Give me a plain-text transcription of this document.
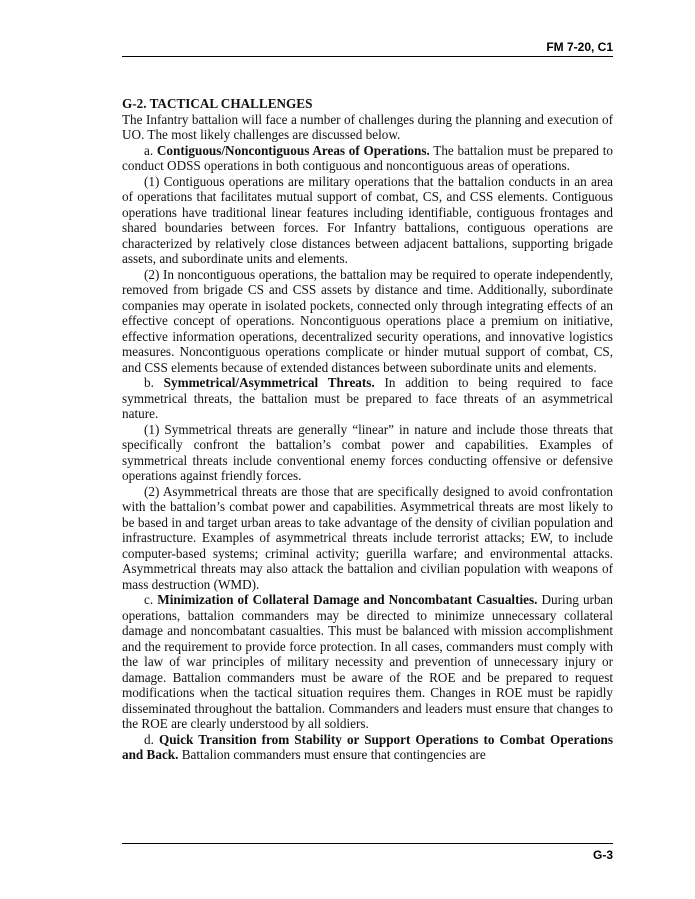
FM 7-20, C1

G-2. TACTICAL CHALLENGES

The Infantry battalion will face a number of challenges during the planning and execution of UO. The most likely challenges are discussed below.

a. Contiguous/Noncontiguous Areas of Operations. The battalion must be prepared to conduct ODSS operations in both contiguous and noncontiguous areas of operations.

(1) Contiguous operations are military operations that the battalion conducts in an area of operations that facilitates mutual support of combat, CS, and CSS elements. Contiguous operations have traditional linear features including identifiable, contiguous frontages and shared boundaries between forces. For Infantry battalions, contiguous operations are characterized by relatively close distances between adjacent battalions, supporting brigade assets, and subordinate units and elements.

(2) In noncontiguous operations, the battalion may be required to operate independently, removed from brigade CS and CSS assets by distance and time. Additionally, subordinate companies may operate in isolated pockets, connected only through integrating effects of an effective concept of operations. Noncontiguous operations place a premium on initiative, effective information operations, decentralized security operations, and innovative logistics measures. Noncontiguous operations complicate or hinder mutual support of combat, CS, and CSS elements because of extended distances between subordinate units and elements.

b. Symmetrical/Asymmetrical Threats. In addition to being required to face symmetrical threats, the battalion must be prepared to face threats of an asymmetrical nature.

(1) Symmetrical threats are generally “linear” in nature and include those threats that specifically confront the battalion’s combat power and capabilities. Examples of symmetrical threats include conventional enemy forces conducting offensive or defensive operations against friendly forces.

(2) Asymmetrical threats are those that are specifically designed to avoid confrontation with the battalion’s combat power and capabilities. Asymmetrical threats are most likely to be based in and target urban areas to take advantage of the density of civilian population and infrastructure. Examples of asymmetrical threats include terrorist attacks; EW, to include computer-based systems; criminal activity; guerilla warfare; and environmental attacks. Asymmetrical threats may also attack the battalion and civilian population with weapons of mass destruction (WMD).

c. Minimization of Collateral Damage and Noncombatant Casualties. During urban operations, battalion commanders may be directed to minimize unnecessary collateral damage and noncombatant casualties. This must be balanced with mission accomplishment and the requirement to provide force protection. In all cases, commanders must comply with the law of war principles of military necessity and prevention of unnecessary injury or damage. Battalion commanders must be aware of the ROE and be prepared to request modifications when the tactical situation requires them. Changes in ROE must be rapidly disseminated throughout the battalion. Commanders and leaders must ensure that changes to the ROE are clearly understood by all soldiers.

d. Quick Transition from Stability or Support Operations to Combat Operations and Back. Battalion commanders must ensure that contingencies are

G-3
